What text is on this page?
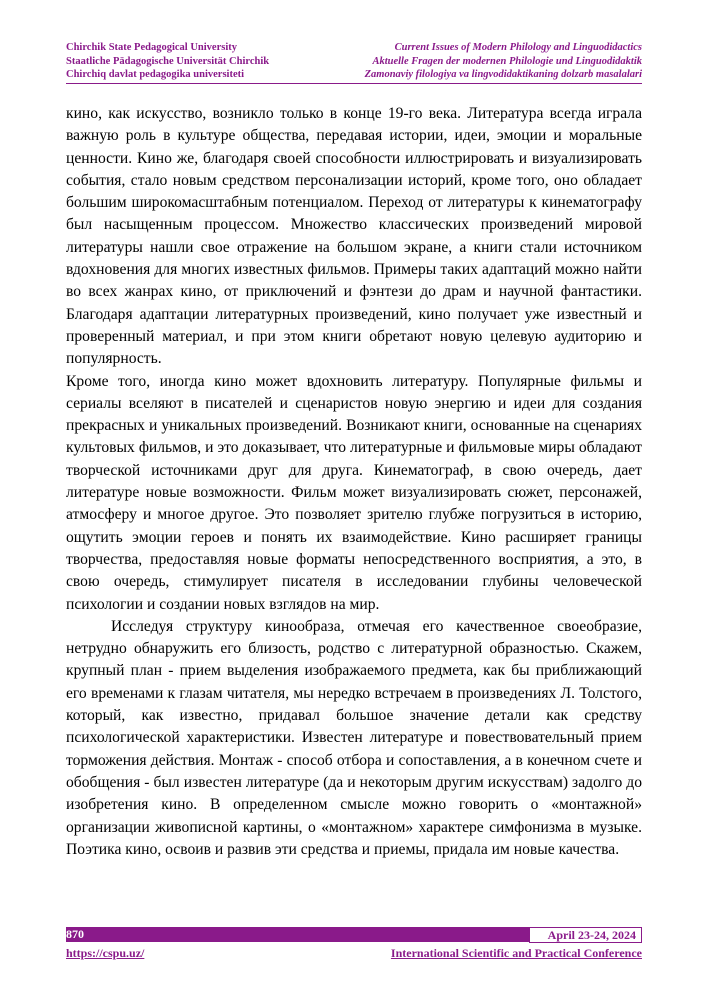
Chirchik State Pedagogical University
Staatliche Pädagogische Universität Chirchik
Chirchiq davlat pedagogika universiteti
Current Issues of Modern Philology and Linguodidactics
Aktuelle Fragen der modernen Philologie und Linguodidaktik
Zamonaviy filologiya va lingvodidaktikaning dolzarb masalalari

кино, как искусство, возникло только в конце 19-го века. Литература всегда играла важную роль в культуре общества, передавая истории, идеи, эмоции и моральные ценности. Кино же, благодаря своей способности иллюстрировать и визуализировать события, стало новым средством персонализации историй, кроме того, оно обладает большим широкомасштабным потенциалом. Переход от литературы к кинематографу был насыщенным процессом. Множество классических произведений мировой литературы нашли свое отражение на большом экране, а книги стали источником вдохновения для многих известных фильмов. Примеры таких адаптаций можно найти во всех жанрах кино, от приключений и фэнтези до драм и научной фантастики. Благодаря адаптации литературных произведений, кино получает уже известный и проверенный материал, и при этом книги обретают новую целевую аудиторию и популярность.

Кроме того, иногда кино может вдохновить литературу. Популярные фильмы и сериалы вселяют в писателей и сценаристов новую энергию и идеи для создания прекрасных и уникальных произведений. Возникают книги, основанные на сценариях культовых фильмов, и это доказывает, что литературные и фильмовые миры обладают творческой источниками друг для друга. Кинематограф, в свою очередь, дает литературе новые возможности. Фильм может визуализировать сюжет, персонажей, атмосферу и многое другое. Это позволяет зрителю глубже погрузиться в историю, ощутить эмоции героев и понять их взаимодействие. Кино расширяет границы творчества, предоставляя новые форматы непосредственного восприятия, а это, в свою очередь, стимулирует писателя в исследовании глубины человеческой психологии и создании новых взглядов на мир.

Исследуя структуру кинообраза, отмечая его качественное своеобразие, нетрудно обнаружить его близость, родство с литературной образностью. Скажем, крупный план - прием выделения изображаемого предмета, как бы приближающий его временами к глазам читателя, мы нередко встречаем в произведениях Л. Толстого, который, как известно, придавал большое значение детали как средству психологической характеристики. Известен литературе и повествовательный прием торможения действия. Монтаж - способ отбора и сопоставления, а в конечном счете и обобщения - был известен литературе (да и некоторым другим искусствам) задолго до изобретения кино. В определенном смысле можно говорить о «монтажной» организации живописной картины, о «монтажном» характере симфонизма в музыке. Поэтика кино, освоив и развив эти средства и приемы, придала им новые качества.

870	April 23-24, 2024
https://cspu.uz/	International Scientific and Practical Conference
